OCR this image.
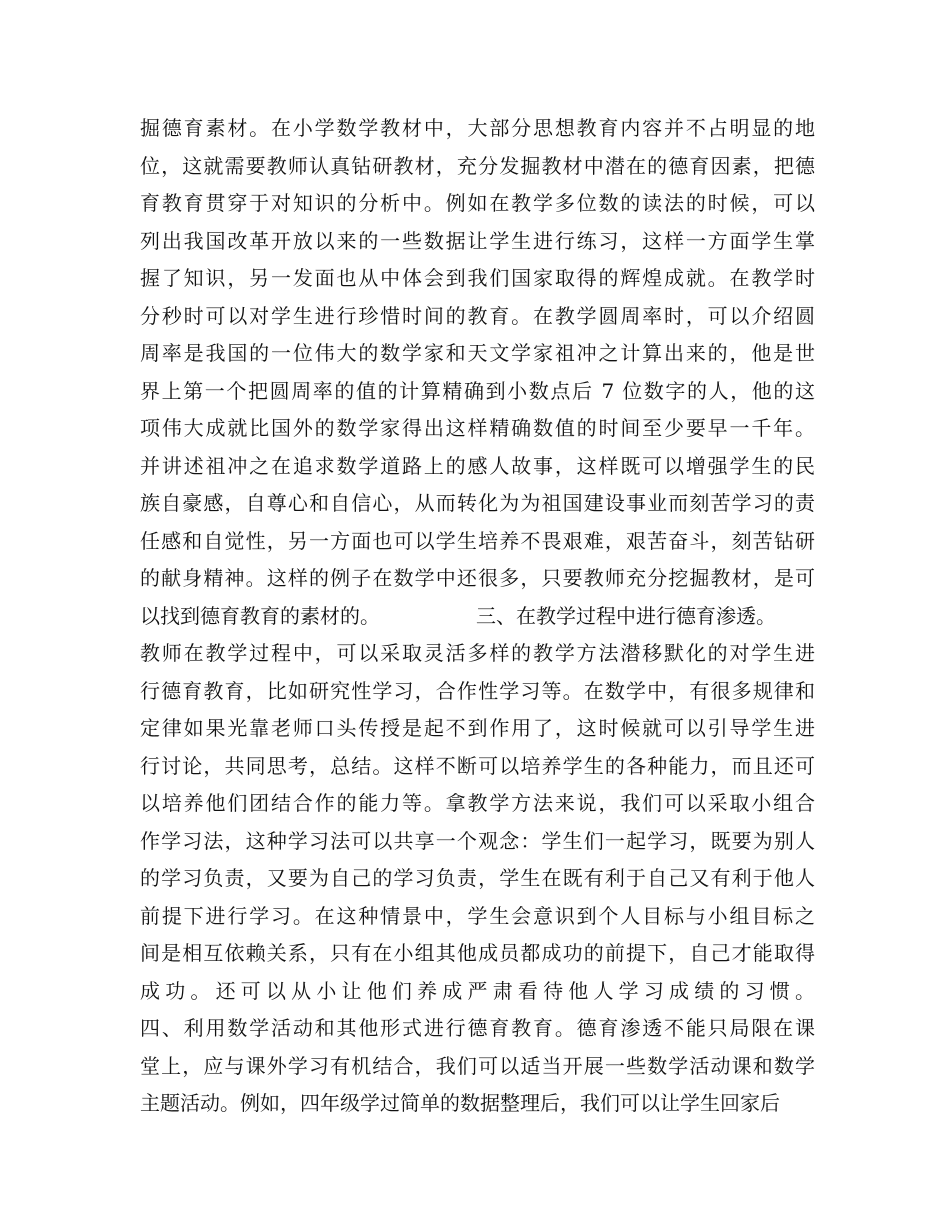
掘德育素材。在小学数学教材中，大部分思想教育内容并不占明显的地
位，这就需要教师认真钻研教材，充分发掘教材中潜在的德育因素，把德
育教育贯穿于对知识的分析中。例如在教学多位数的读法的时候，可以
列出我国改革开放以来的一些数据让学生进行练习，这样一方面学生掌
握了知识，另一发面也从中体会到我们国家取得的辉煌成就。在教学时
分秒时可以对学生进行珍惜时间的教育。在教学圆周率时，可以介绍圆
周率是我国的一位伟大的数学家和天文学家祖冲之计算出来的，他是世
界上第一个把圆周率的值的计算精确到小数点后 7 位数字的人，他的这
项伟大成就比国外的数学家得出这样精确数值的时间至少要早一千年。
并讲述祖冲之在追求数学道路上的感人故事，这样既可以增强学生的民
族自豪感，自尊心和自信心，从而转化为为祖国建设事业而刻苦学习的责
任感和自觉性，另一方面也可以学生培养不畏艰难，艰苦奋斗，刻苦钻研
的献身精神。这样的例子在数学中还很多，只要教师充分挖掘教材，是可
以找到德育教育的素材的。	三、在教学过程中进行德育渗透。
教师在教学过程中，可以采取灵活多样的教学方法潜移默化的对学生进
行德育教育，比如研究性学习，合作性学习等。在数学中，有很多规律和
定律如果光靠老师口头传授是起不到作用了，这时候就可以引导学生进
行讨论，共同思考，总结。这样不断可以培养学生的各种能力，而且还可
以培养他们团结合作的能力等。拿教学方法来说，我们可以采取小组合
作学习法，这种学习法可以共享一个观念：学生们一起学习，既要为别人
的学习负责，又要为自己的学习负责，学生在既有利于自己又有利于他人
前提下进行学习。在这种情景中，学生会意识到个人目标与小组目标之
间是相互依赖关系，只有在小组其他成员都成功的前提下，自己才能取得
成功。还可以从小让他们养成严肃看待他人学习成绩的习惯。
四、利用数学活动和其他形式进行德育教育。德育渗透不能只局限在课
堂上，应与课外学习有机结合，我们可以适当开展一些数学活动课和数学
主题活动。例如，四年级学过简单的数据整理后，我们可以让学生回家后
